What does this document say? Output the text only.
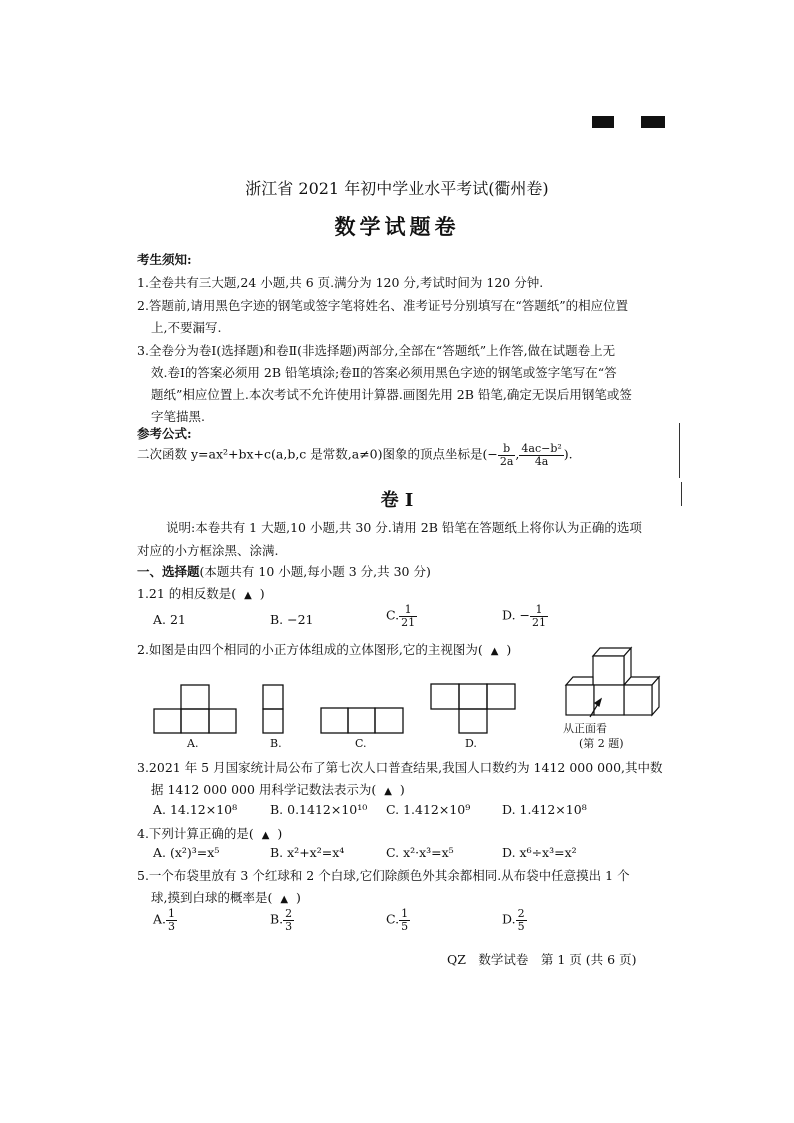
浙江省 2021 年初中学业水平考试(衢州卷)
数学试题卷
考生须知:
1.全卷共有三大题,24 小题,共 6 页.满分为 120 分,考试时间为 120 分钟.
2.答题前,请用黑色字迹的钢笔或签字笔将姓名、准考证号分别填写在“答题纸”的相应位置
上,不要漏写.
3.全卷分为卷Ⅰ(选择题)和卷Ⅱ(非选择题)两部分,全部在“答题纸”上作答,做在试题卷上无
效.卷Ⅰ的答案必须用 2B 铅笔填涂;卷Ⅱ的答案必须用黑色字迹的钢笔或签字笔写在“答
题纸”相应位置上.本次考试不允许使用计算器.画图先用 2B 铅笔,确定无误后用钢笔或签
字笔描黑.
参考公式:
二次函数 y=ax²+bx+c(a,b,c 是常数,a≠0)图象的顶点坐标是(− $\frac{b}{2a}$ , $\frac{\text{4ac−b²}}{4a}$ ).
卷 Ⅰ
说明:本卷共有 1 大题,10 小题,共 30 分.请用 2B 铅笔在答题纸上将你认为正确的选项
对应的小方框涂黑、涂满.
一、选择题(本题共有 10 小题,每小题 3 分,共 30 分)
1.21 的相反数是( ▲ )
A. 21	B. −21	C. $\frac{1}{21}$	D. − $\frac{1}{21}$
2.如图是由四个相同的小正方体组成的立体图形,它的主视图为( ▲ )
A.	B.	C.	D.
从正面看
(第 2 题)
3.2021 年 5 月国家统计局公布了第七次人口普查结果,我国人口数约为 1412 000 000,其中数
据 1412 000 000 用科学记数法表示为( ▲ )
A. 14.12×10⁸	B. 0.1412×10¹⁰ C. 1.412×10⁹	D. 1.412×10⁸
4.下列计算正确的是( ▲ )
A. (x²)³=x⁵	B. x²+x²=x⁴	C. x²·x³=x⁵	D. x⁶÷x³=x²
5.一个布袋里放有 3 个红球和 2 个白球,它们除颜色外其余都相同.从布袋中任意摸出 1 个
球,摸到白球的概率是( ▲ )
A. $\frac{1}{3}$	B. $\frac{2}{3}$	C. $\frac{1}{5}$	D. $\frac{2}{5}$
QZ　数学试卷　第 1 页 (共 6 页)
